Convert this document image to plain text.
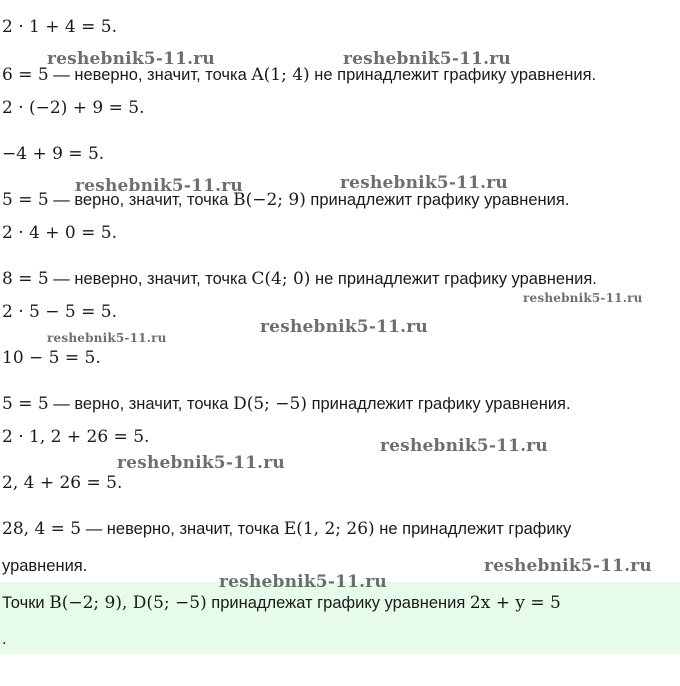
2 · 1 + 4 = 5.
6 = 5 — неверно, значит, точка A(1; 4) не принадлежит графику уравнения.
2 · (−2) + 9 = 5.
−4 + 9 = 5.
5 = 5 — верно, значит, точка B(−2; 9) принадлежит графику уравнения.
2 · 4 + 0 = 5.
8 = 5 — неверно, значит, точка C(4; 0) не принадлежит графику уравнения.
2 · 5 − 5 = 5.
10 − 5 = 5.
5 = 5 — верно, значит, точка D(5; −5) принадлежит графику уравнения.
2 · 1, 2 + 26 = 5.
2, 4 + 26 = 5.
28, 4 = 5 — неверно, значит, точка E(1, 2; 26) не принадлежит графику
уравнения.
Точки B(−2; 9), D(5; −5) принадлежат графику уравнения 2x + y = 5
.
reshebnik5-11.ru	reshebnik5-11.ru
reshebnik5-11.ru	reshebnik5-11.ru
reshebnik5-11.ru
reshebnik5-11.ru
reshebnik5-11.ru
reshebnik5-11.ru
reshebnik5-11.ru
reshebnik5-11.ru
reshebnik5-11.ru
